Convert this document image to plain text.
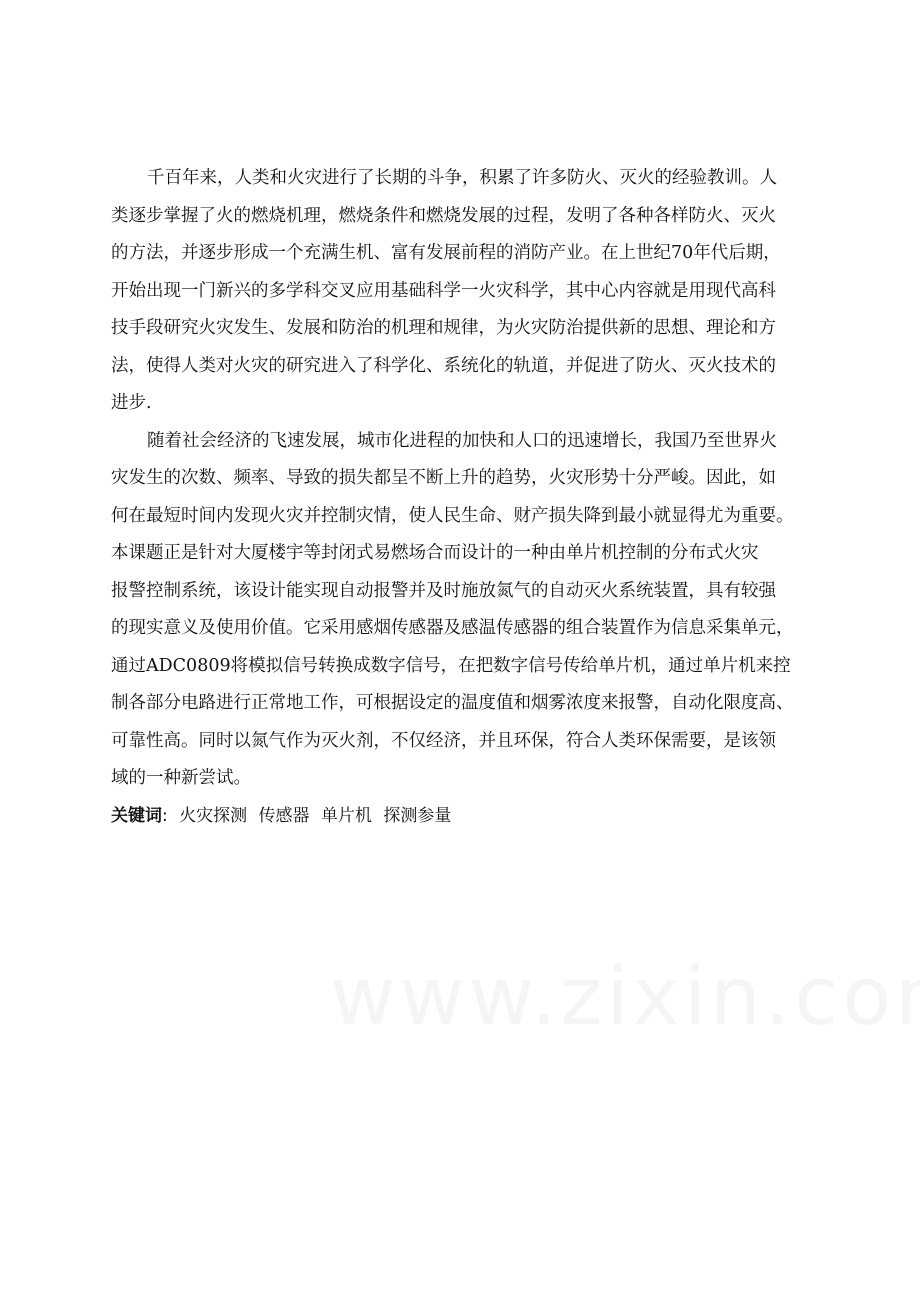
千百年来，人类和火灾进行了长期的斗争，积累了许多防火、灭火的经验教训。人
类逐步掌握了火的燃烧机理，燃烧条件和燃烧发展的过程，发明了各种各样防火、灭火
的方法，并逐步形成一个充满生机、富有发展前程的消防产业。在上世纪70年代后期，
开始出现一门新兴的多学科交叉应用基础科学一火灾科学，其中心内容就是用现代高科
技手段研究火灾发生、发展和防治的机理和规律，为火灾防治提供新的思想、理论和方
法，使得人类对火灾的研究进入了科学化、系统化的轨道，并促进了防火、灭火技术的
进步.

随着社会经济的飞速发展，城市化进程的加快和人口的迅速增长，我国乃至世界火
灾发生的次数、频率、导致的损失都呈不断上升的趋势，火灾形势十分严峻。因此，如
何在最短时间内发现火灾并控制灾情，使人民生命、财产损失降到最小就显得尤为重要。
本课题正是针对大厦楼宇等封闭式易燃场合而设计的一种由单片机控制的分布式火灾
报警控制系统，该设计能实现自动报警并及时施放氮气的自动灭火系统装置，具有较强
的现实意义及使用价值。它采用感烟传感器及感温传感器的组合装置作为信息采集单元，
通过ADC0809将模拟信号转换成数字信号，在把数字信号传给单片机，通过单片机来控
制各部分电路进行正常地工作，可根据设定的温度值和烟雾浓度来报警，自动化限度高、
可靠性高。同时以氮气作为灭火剂，不仅经济，并且环保，符合人类环保需要，是该领
域的一种新尝试。

关键词: 火灾探测 传感器 单片机 探测参量
